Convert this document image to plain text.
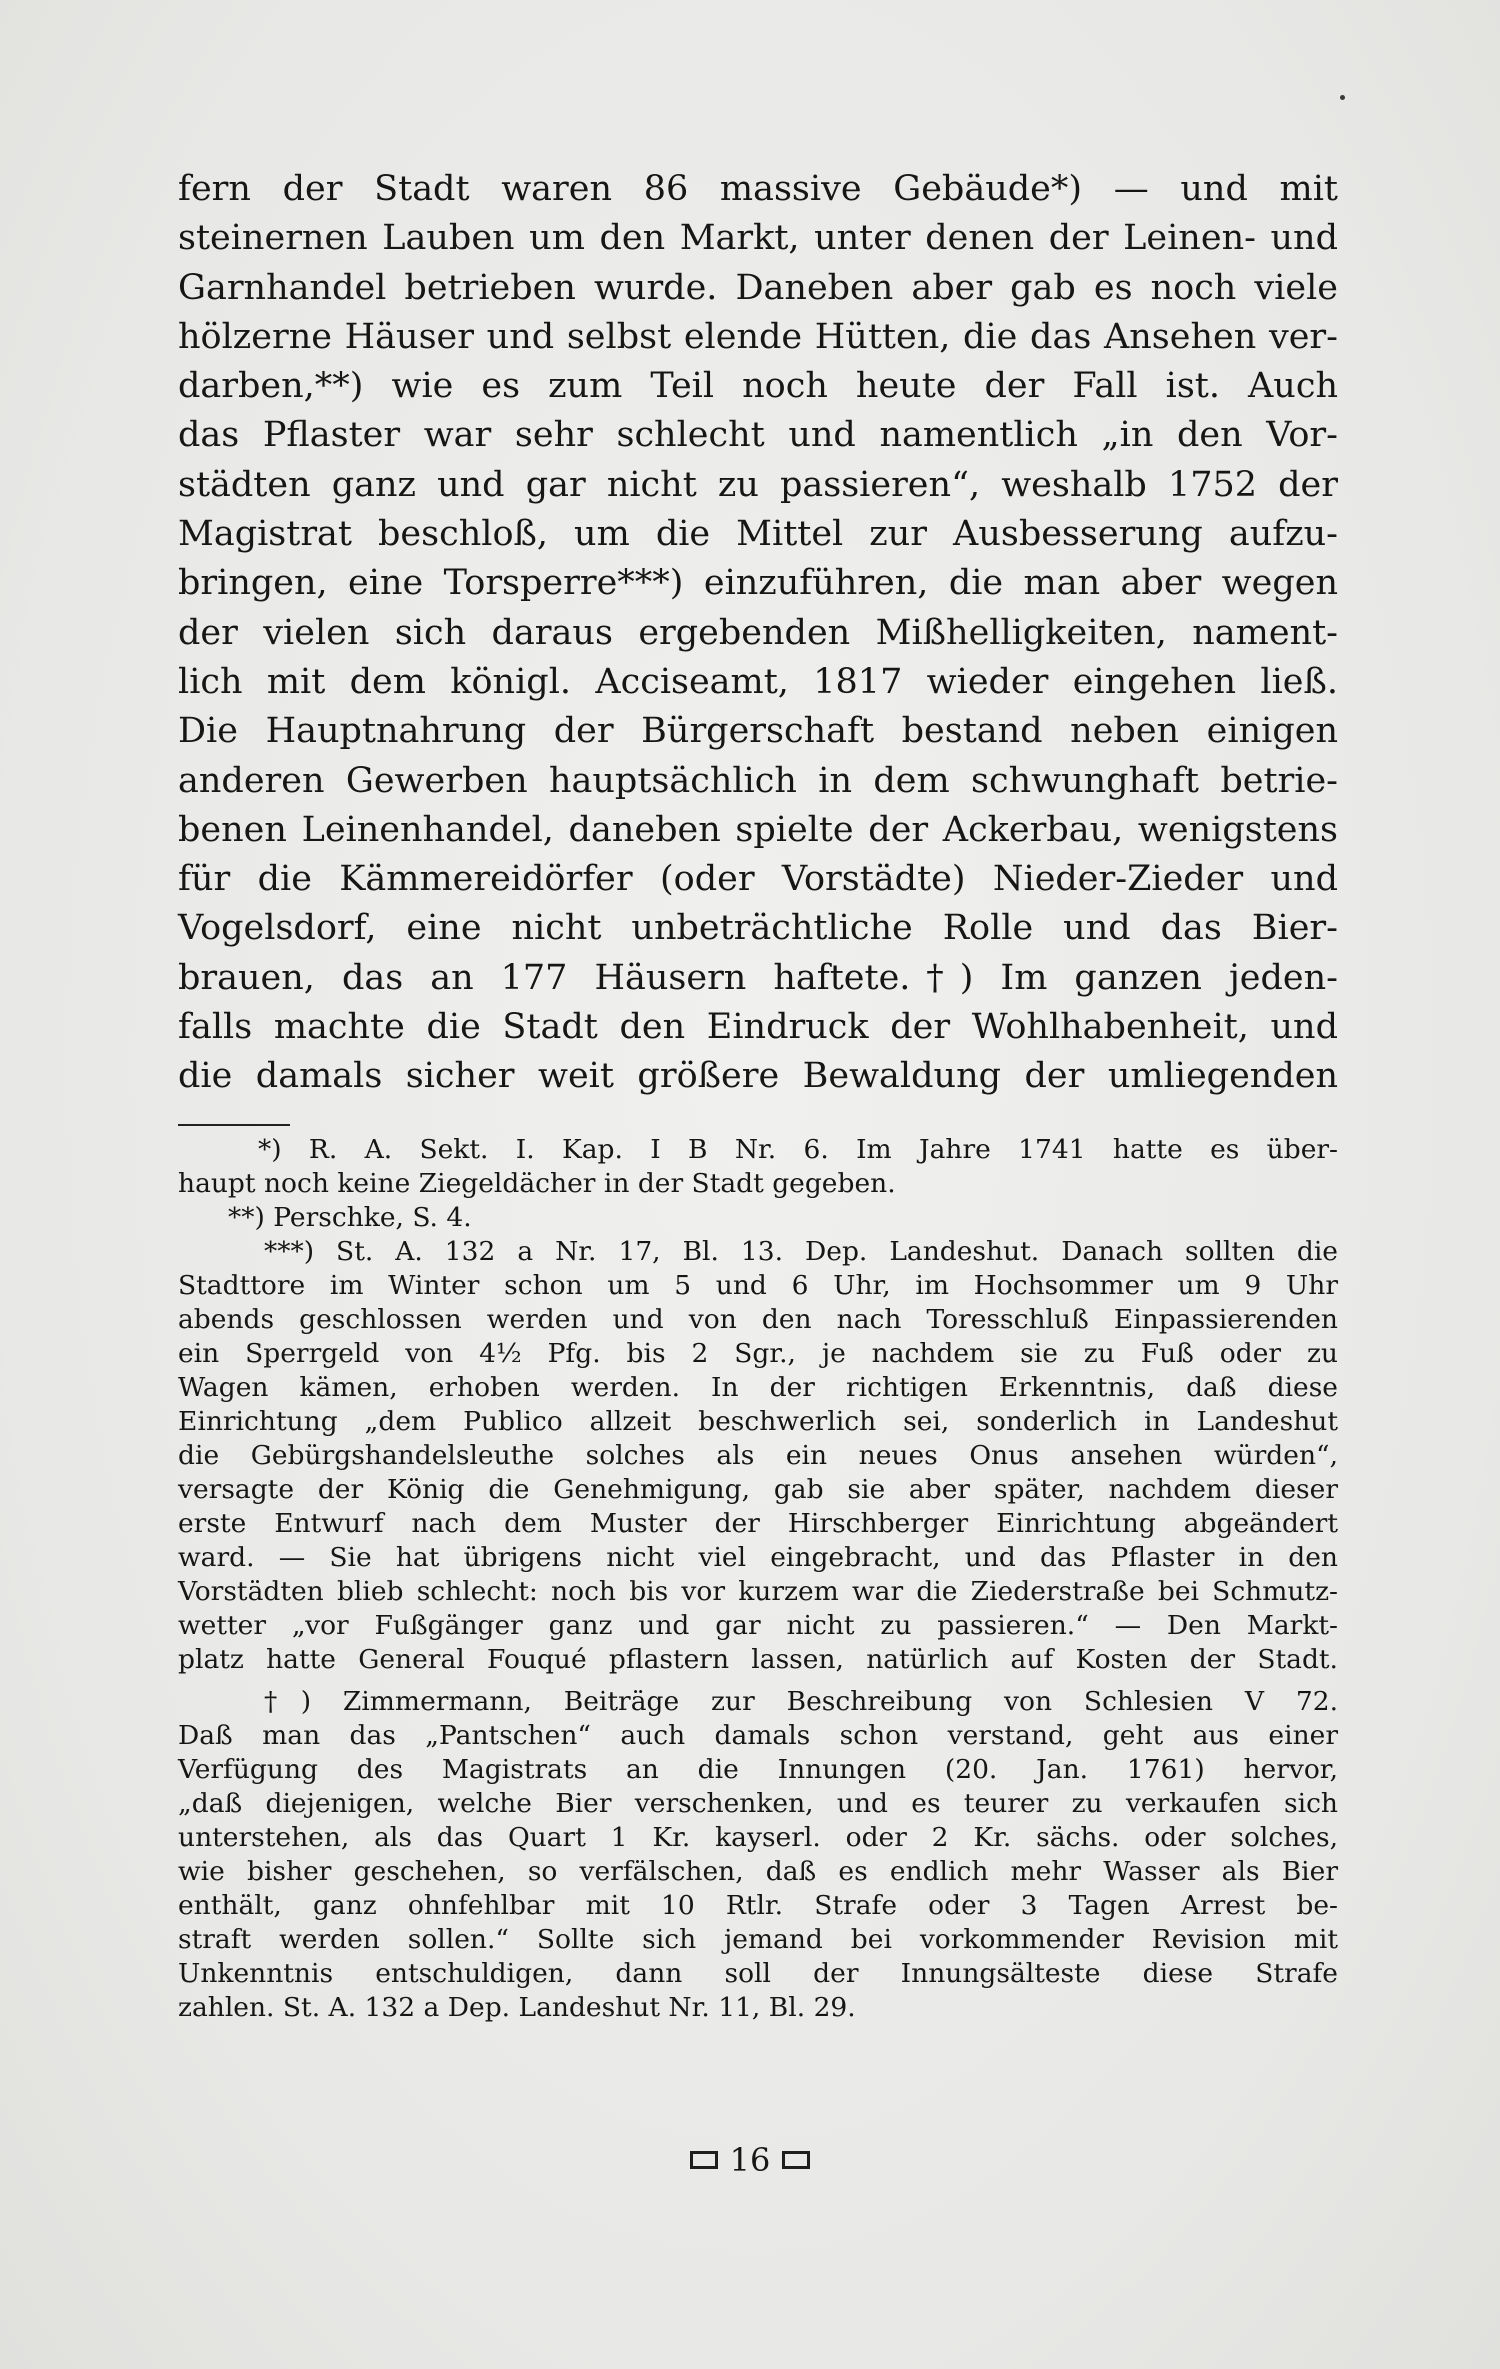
fern der Stadt waren 86 massive Gebäude*) — und mit
steinernen Lauben um den Markt, unter denen der Leinen- und
Garnhandel betrieben wurde. Daneben aber gab es noch viele
hölzerne Häuser und selbst elende Hütten, die das Ansehen ver-
darben,**) wie es zum Teil noch heute der Fall ist. Auch
das Pflaster war sehr schlecht und namentlich „in den Vor-
städten ganz und gar nicht zu passieren“, weshalb 1752 der
Magistrat beschloß, um die Mittel zur Ausbesserung aufzu-
bringen, eine Torsperre***) einzuführen, die man aber wegen
der vielen sich daraus ergebenden Mißhelligkeiten, nament-
lich mit dem königl. Acciseamt, 1817 wieder eingehen ließ.
Die Hauptnahrung der Bürgerschaft bestand neben einigen
anderen Gewerben hauptsächlich in dem schwunghaft betrie-
benen Leinenhandel, daneben spielte der Ackerbau, wenigstens
für die Kämmereidörfer (oder Vorstädte) Nieder-Zieder und
Vogelsdorf, eine nicht unbeträchtliche Rolle und das Bier-
brauen, das an 177 Häusern haftete.†) Im ganzen jeden-
falls machte die Stadt den Eindruck der Wohlhabenheit, und
die damals sicher weit größere Bewaldung der umliegenden
*) R. A. Sekt. I. Kap. I B Nr. 6. Im Jahre 1741 hatte es über-
haupt noch keine Ziegeldächer in der Stadt gegeben.
**) Perschke, S. 4.
***) St. A. 132 a Nr. 17, Bl. 13. Dep. Landeshut. Danach sollten die
Stadttore im Winter schon um 5 und 6 Uhr, im Hochsommer um 9 Uhr
abends geschlossen werden und von den nach Toresschluß Einpassierenden
ein Sperrgeld von 4½ Pfg. bis 2 Sgr., je nachdem sie zu Fuß oder zu
Wagen kämen, erhoben werden. In der richtigen Erkenntnis, daß diese
Einrichtung „dem Publico allzeit beschwerlich sei, sonderlich in Landeshut
die Gebürgshandelsleuthe solches als ein neues Onus ansehen würden“,
versagte der König die Genehmigung, gab sie aber später, nachdem dieser
erste Entwurf nach dem Muster der Hirschberger Einrichtung abgeändert
ward. — Sie hat übrigens nicht viel eingebracht, und das Pflaster in den
Vorstädten blieb schlecht: noch bis vor kurzem war die Ziederstraße bei Schmutz-
wetter „vor Fußgänger ganz und gar nicht zu passieren.“ — Den Markt-
platz hatte General Fouqué pflastern lassen, natürlich auf Kosten der Stadt.
†) Zimmermann, Beiträge zur Beschreibung von Schlesien V 72.
Daß man das „Pantschen“ auch damals schon verstand, geht aus einer
Verfügung des Magistrats an die Innungen (20. Jan. 1761) hervor,
„daß diejenigen, welche Bier verschenken, und es teurer zu verkaufen sich
unterstehen, als das Quart 1 Kr. kayserl. oder 2 Kr. sächs. oder solches,
wie bisher geschehen, so verfälschen, daß es endlich mehr Wasser als Bier
enthält, ganz ohnfehlbar mit 10 Rtlr. Strafe oder 3 Tagen Arrest be-
straft werden sollen.“ Sollte sich jemand bei vorkommender Revision mit
Unkenntnis entschuldigen, dann soll der Innungsälteste diese Strafe
zahlen. St. A. 132 a Dep. Landeshut Nr. 11, Bl. 29.
16
